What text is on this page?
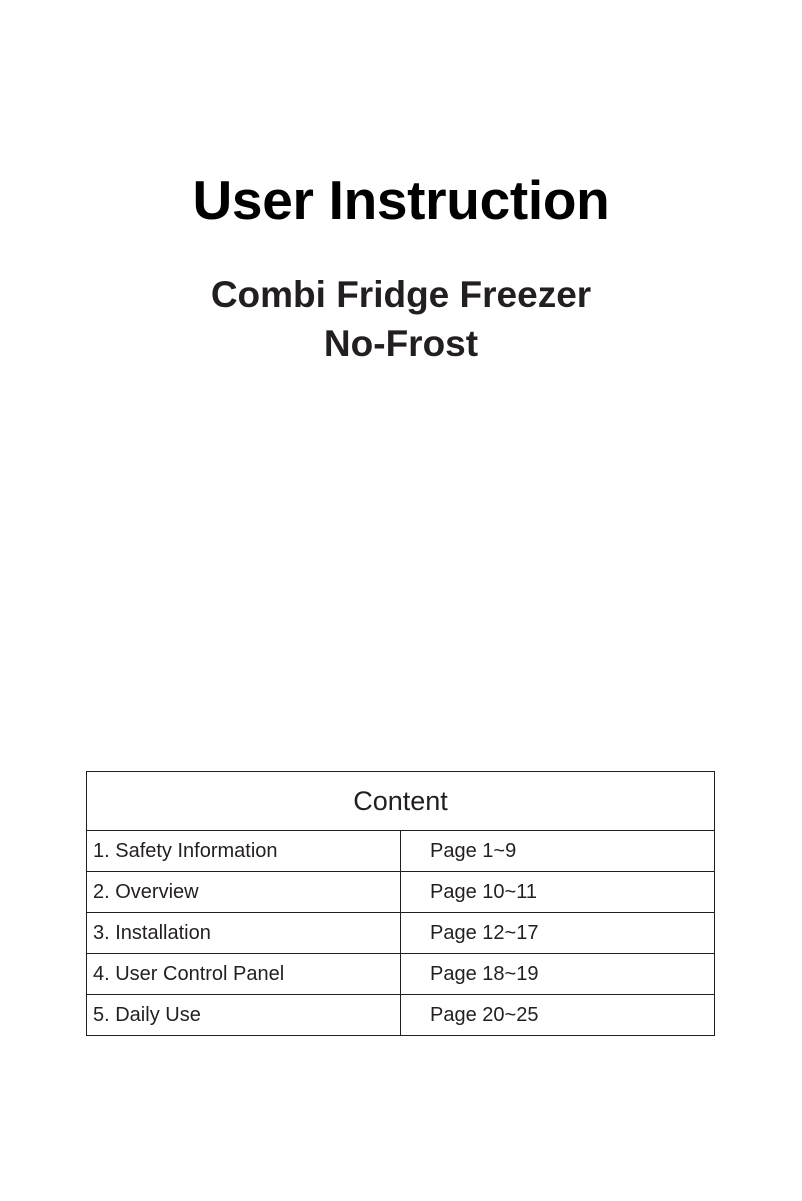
User Instruction
Combi Fridge Freezer
No-Frost
Content	
1. Safety Information	Page 1~9
2. Overview	Page 10~11
3. Installation	Page 12~17
4. User Control Panel	Page 18~19
5. Daily Use	Page 20~25
